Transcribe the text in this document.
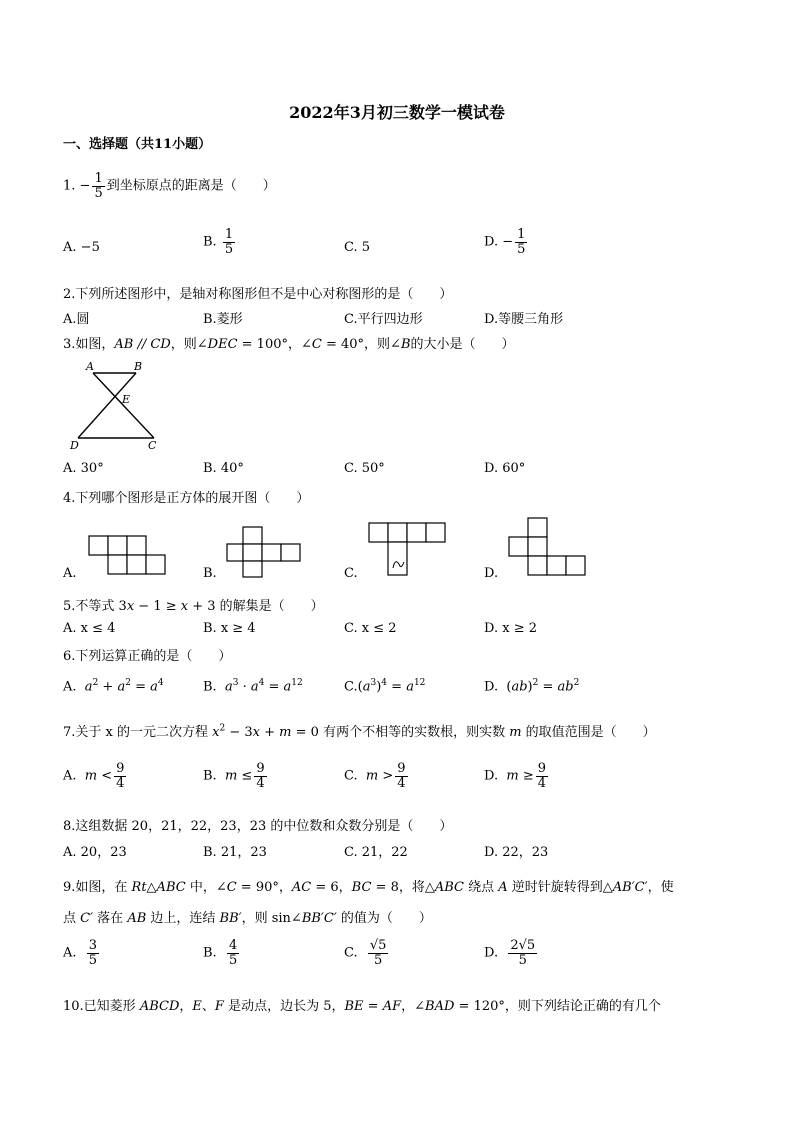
2022年3月初三数学一模试卷
一、选择题（共11小题）
1. − $\frac{1}{5}$ 到坐标原点的距离是（　　）
A. −5	B. $\frac{1}{5}$	C. 5	D. − $\frac{1}{5}$
2.下列所述图形中，是轴对称图形但不是中心对称图形的是（　　）
A.圆	B.菱形	C.平行四边形	D.等腰三角形
3.如图，AB // CD，则∠DEC = 100°，∠C = 40°，则∠B的大小是（　　）
A	B
E
D	C
A. 30°	B. 40°	C. 50°	D. 60°
4.下列哪个图形是正方体的展开图（　　）
A.	B.	C.	D.
5.不等式 3x − 1 ≥ x + 3 的解集是（　　）
A. x ≤ 4	B. x ≥ 4	C. x ≤ 2	D. x ≥ 2
6.下列运算正确的是（　　）
A. $a^2 + a^2 = a^4$	B. $a^3 \cdot a^4 = a^{12}$	$C.(a^3)^4 = a^{12}$	D.  $(ab)^2 = ab^2$
7.关于 x 的一元二次方程 $x^2 - 3x + m = 0$ 有两个不相等的实数根，则实数 m 的取值范围是（　　）
A. $m < \frac{9}{4}$	B. $m \le \frac{9}{4}$	C. $m > \frac{9}{4}$	D. $m \ge \frac{9}{4}$
8.这组数据 20，21，22，23，23 的中位数和众数分别是（　　）
A. 20，23	B. 21，23	C. 21，22	D. 22，23
9.如图，在 Rt△ABC 中，∠C = 90°，AC = 6，BC = 8，将△ABC 绕点 A 逆时针旋转得到△AB′C′，使
点 C′ 落在 AB 边上，连结 BB′，则 sin∠BB′C′ 的值为（　　）
A. $\frac{3}{5}$	B. $\frac{4}{5}$	C. $\frac{√5}{5}$	D. $\frac{2√5}{5}$
10.已知菱形 ABCD，E、F 是动点，边长为 5，BE = AF，∠BAD = 120°，则下列结论正确的有几个
